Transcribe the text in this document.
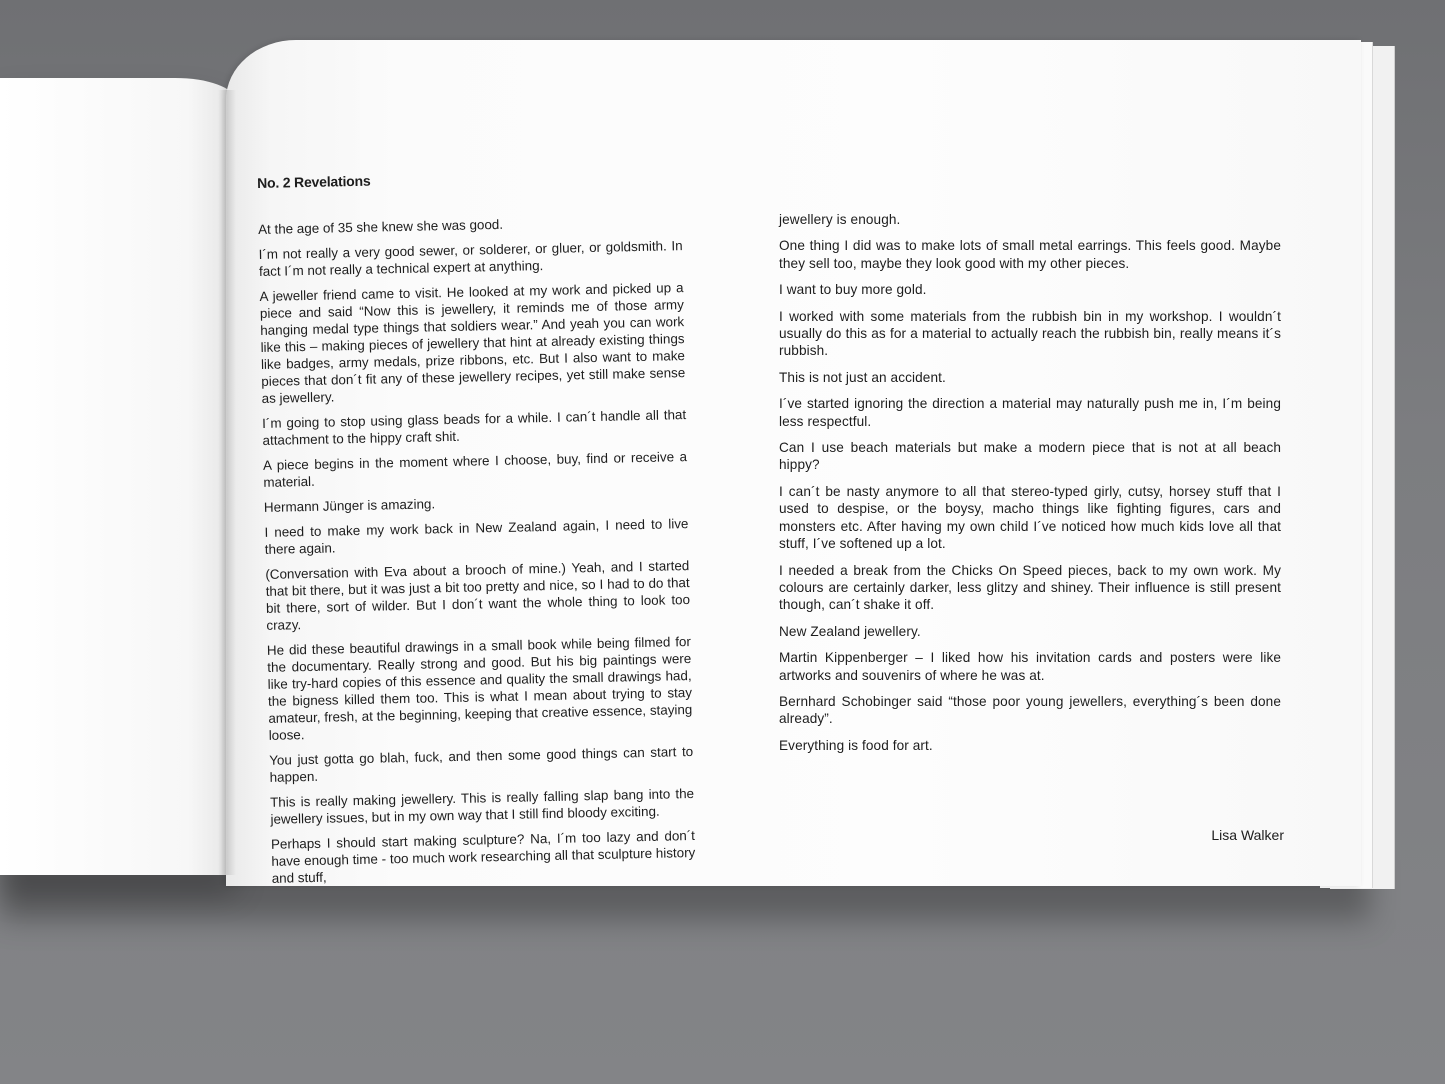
No. 2 Revelations

At the age of 35 she knew she was good.

I´m not really a very good sewer, or solderer, or gluer, or goldsmith. In fact I´m not really a technical expert at anything.

A jeweller friend came to visit. He looked at my work and picked up a piece and said “Now this is jewellery, it reminds me of those army hanging medal type things that soldiers wear.” And yeah you can work like this – making pieces of jewellery that hint at already existing things like badges, army medals, prize ribbons, etc. But I also want to make pieces that don´t fit any of these jewellery recipes, yet still make sense as jewellery.

I´m going to stop using glass beads for a while. I can´t handle all that attachment to the hippy craft shit.

A piece begins in the moment where I choose, buy, find or receive a material.

Hermann Jünger is amazing.

I need to make my work back in New Zealand again, I need to live there again.

(Conversation with Eva about a brooch of mine.) Yeah, and I started that bit there, but it was just a bit too pretty and nice, so I had to do that bit there, sort of wilder. But I don´t want the whole thing to look too crazy.

He did these beautiful drawings in a small book while being filmed for the documentary. Really strong and good. But his big paintings were like try-hard copies of this essence and quality the small drawings had, the bigness killed them too. This is what I mean about trying to stay amateur, fresh, at the beginning, keeping that creative essence, staying loose.

You just gotta go blah, fuck, and then some good things can start to happen.

This is really making jewellery. This is really falling slap bang into the jewellery issues, but in my own way that I still find bloody exciting.

Perhaps I should start making sculpture? Na, I´m too lazy and don´t have enough time - too much work researching all that sculpture history and stuff,

jewellery is enough.

One thing I did was to make lots of small metal earrings. This feels good. Maybe they sell too, maybe they look good with my other pieces.

I want to buy more gold.

I worked with some materials from the rubbish bin in my workshop. I wouldn´t usually do this as for a material to actually reach the rubbish bin, really means it´s rubbish.

This is not just an accident.

I´ve started ignoring the direction a material may naturally push me in, I´m being less respectful.

Can I use beach materials but make a modern piece that is not at all beach hippy?

I can´t be nasty anymore to all that stereo-typed girly, cutsy, horsey stuff that I used to despise, or the boysy, macho things like fighting figures, cars and monsters etc. After having my own child I´ve noticed how much kids love all that stuff, I´ve softened up a lot.

I needed a break from the Chicks On Speed pieces, back to my own work. My colours are certainly darker, less glitzy and shiney. Their influence is still present though, can´t shake it off.

New Zealand jewellery.

Martin Kippenberger – I liked how his invitation cards and posters were like artworks and souvenirs of where he was at.

Bernhard Schobinger said “those poor young jewellers, everything´s been done already”.

Everything is food for art.

Lisa Walker
